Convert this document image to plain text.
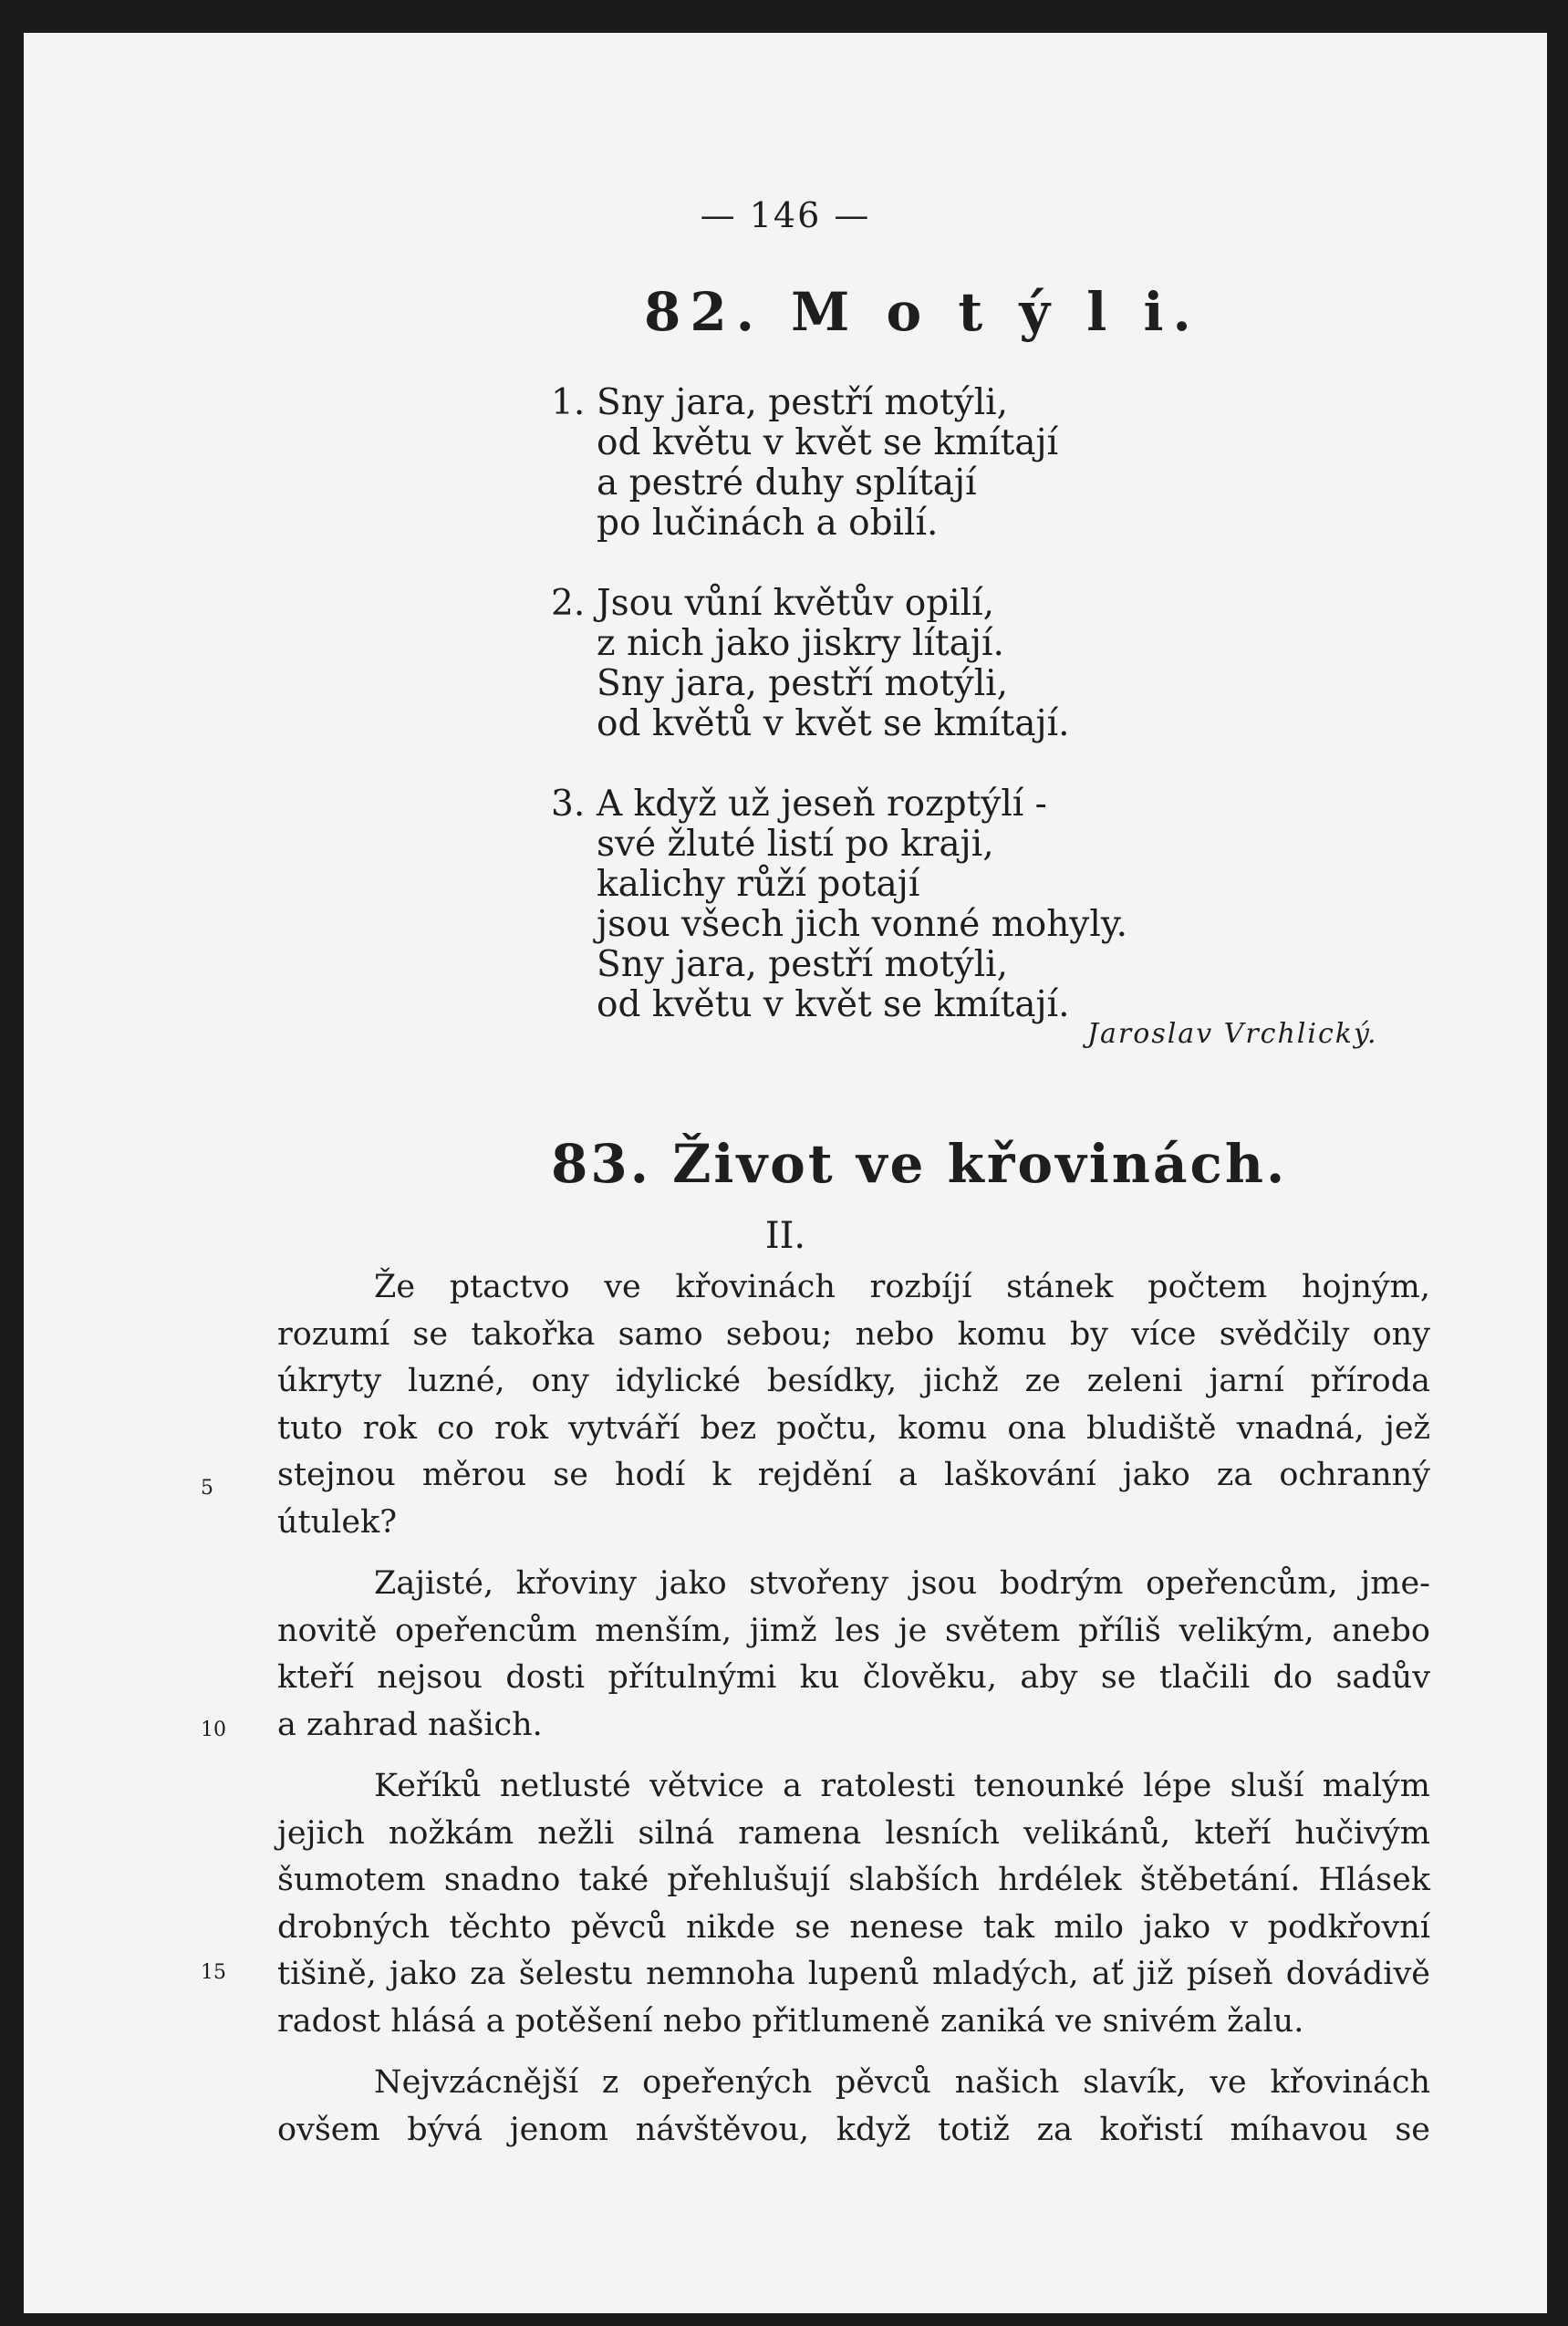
— 146 —
82. M o t ý l i.
1. Sny jara, pestří motýli,
od květu v květ se kmítají
a pestré duhy splítají
po lučinách a obilí.
2. Jsou vůní květův opilí,
z nich jako jiskry lítají.
Sny jara, pestří motýli,
od květů v květ se kmítají.
3. A když už jeseň rozptýlí -
své žluté listí po kraji,
kalichy růží potají
jsou všech jich vonné mohyly.
Sny jara, pestří motýli,
od květu v květ se kmítají.
Jaroslav Vrchlický.
83. Život ve křovinách.
II.
5
10
15
Že ptactvo ve křovinách rozbíjí stánek počtem hojným,
rozumí se takořka samo sebou; nebo komu by více svědčily ony
úkryty luzné, ony idylické besídky, jichž ze zeleni jarní příroda
tuto rok co rok vytváří bez počtu, komu ona bludiště vnadná, jež
stejnou měrou se hodí k rejdění a laškování jako za ochranný
útulek?
Zajisté, křoviny jako stvořeny jsou bodrým opeřencům, jme-
novitě opeřencům menším, jimž les je světem příliš velikým, anebo
kteří nejsou dosti přítulnými ku člověku, aby se tlačili do sadův
a zahrad našich.
Keříků netlusté větvice a ratolesti tenounké lépe sluší malým
jejich nožkám nežli silná ramena lesních velikánů, kteří hučivým
šumotem snadno také přehlušují slabších hrdélek štěbetání. Hlásek
drobných těchto pěvců nikde se nenese tak milo jako v podkřovní
tišině, jako za šelestu nemnoha lupenů mladých, ať již píseň dovádivě
radost hlásá a potěšení nebo přitlumeně zaniká ve snivém žalu.
Nejvzácnější z opeřených pěvců našich slavík, ve křovinách
ovšem bývá jenom návštěvou, když totiž za kořistí míhavou se
